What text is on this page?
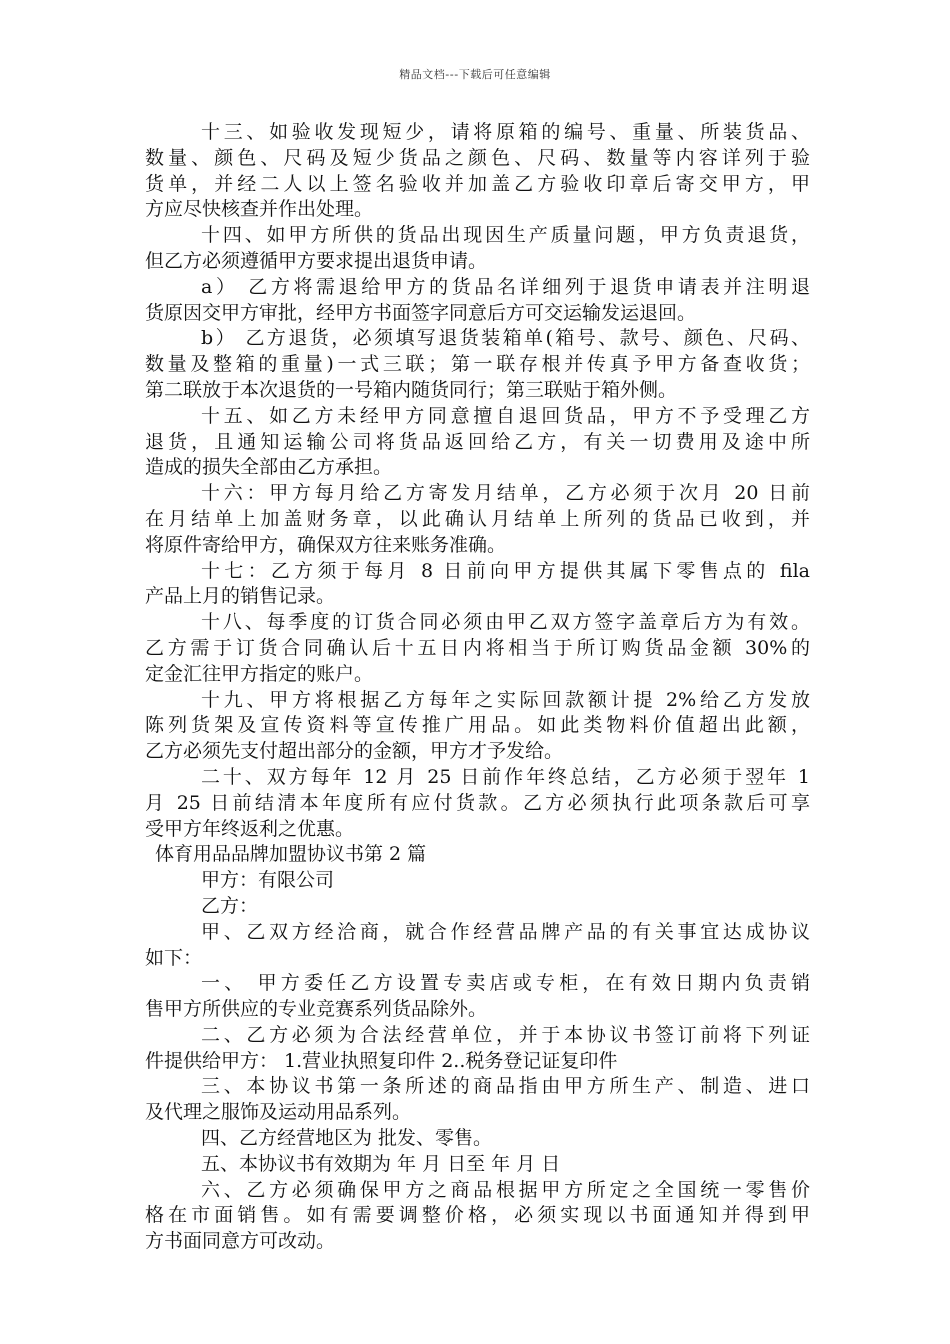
精品文档---下载后可任意编辑
十三、如验收发现短少，请将原箱的编号、重量、所装货品、
数量、颜色、尺码及短少货品之颜色、尺码、数量等内容详列于验
货单，并经二人以上签名验收并加盖乙方验收印章后寄交甲方，甲
方应尽快核查并作出处理。
十四、如甲方所供的货品出现因生产质量问题，甲方负责退货，
但乙方必须遵循甲方要求提出退货申请。
a） 乙方将需退给甲方的货品名详细列于退货申请表并注明退
货原因交甲方审批，经甲方书面签字同意后方可交运输发运退回。
b） 乙方退货，必须填写退货装箱单(箱号、款号、颜色、尺码、
数量及整箱的重量)一式三联；第一联存根并传真予甲方备查收货；
第二联放于本次退货的一号箱内随货同行；第三联贴于箱外侧。
十五、如乙方未经甲方同意擅自退回货品，甲方不予受理乙方
退货，且通知运输公司将货品返回给乙方，有关一切费用及途中所
造成的损失全部由乙方承担。
十六：甲方每月给乙方寄发月结单，乙方必须于次月 20 日前
在月结单上加盖财务章，以此确认月结单上所列的货品已收到，并
将原件寄给甲方，确保双方往来账务准确。
十七：乙方须于每月 8 日前向甲方提供其属下零售点的 fila
产品上月的销售记录。
十八、每季度的订货合同必须由甲乙双方签字盖章后方为有效。
乙方需于订货合同确认后十五日内将相当于所订购货品金额 30%的
定金汇往甲方指定的账户。
十九、甲方将根据乙方每年之实际回款额计提 2%给乙方发放
陈列货架及宣传资料等宣传推广用品。如此类物料价值超出此额，
乙方必须先支付超出部分的金额，甲方才予发给。
二十、双方每年 12 月 25 日前作年终总结，乙方必须于翌年 1
月 25 日前结清本年度所有应付货款。乙方必须执行此项条款后可享
受甲方年终返利之优惠。
体育用品品牌加盟协议书第 2 篇
甲方：有限公司
乙方：
甲、乙双方经洽商，就合作经营品牌产品的有关事宜达成协议
如下：
一、 甲方委任乙方设置专卖店或专柜，在有效日期内负责销
售甲方所供应的专业竞赛系列货品除外。
二、乙方必须为合法经营单位，并于本协议书签订前将下列证
件提供给甲方： 1.营业执照复印件 2..税务登记证复印件
三、本协议书第一条所述的商品指由甲方所生产、制造、进口
及代理之服饰及运动用品系列。
四、乙方经营地区为 批发、零售。
五、本协议书有效期为 年 月 日至 年 月 日
六、乙方必须确保甲方之商品根据甲方所定之全国统一零售价
格在市面销售。如有需要调整价格，必须实现以书面通知并得到甲
方书面同意方可改动。
